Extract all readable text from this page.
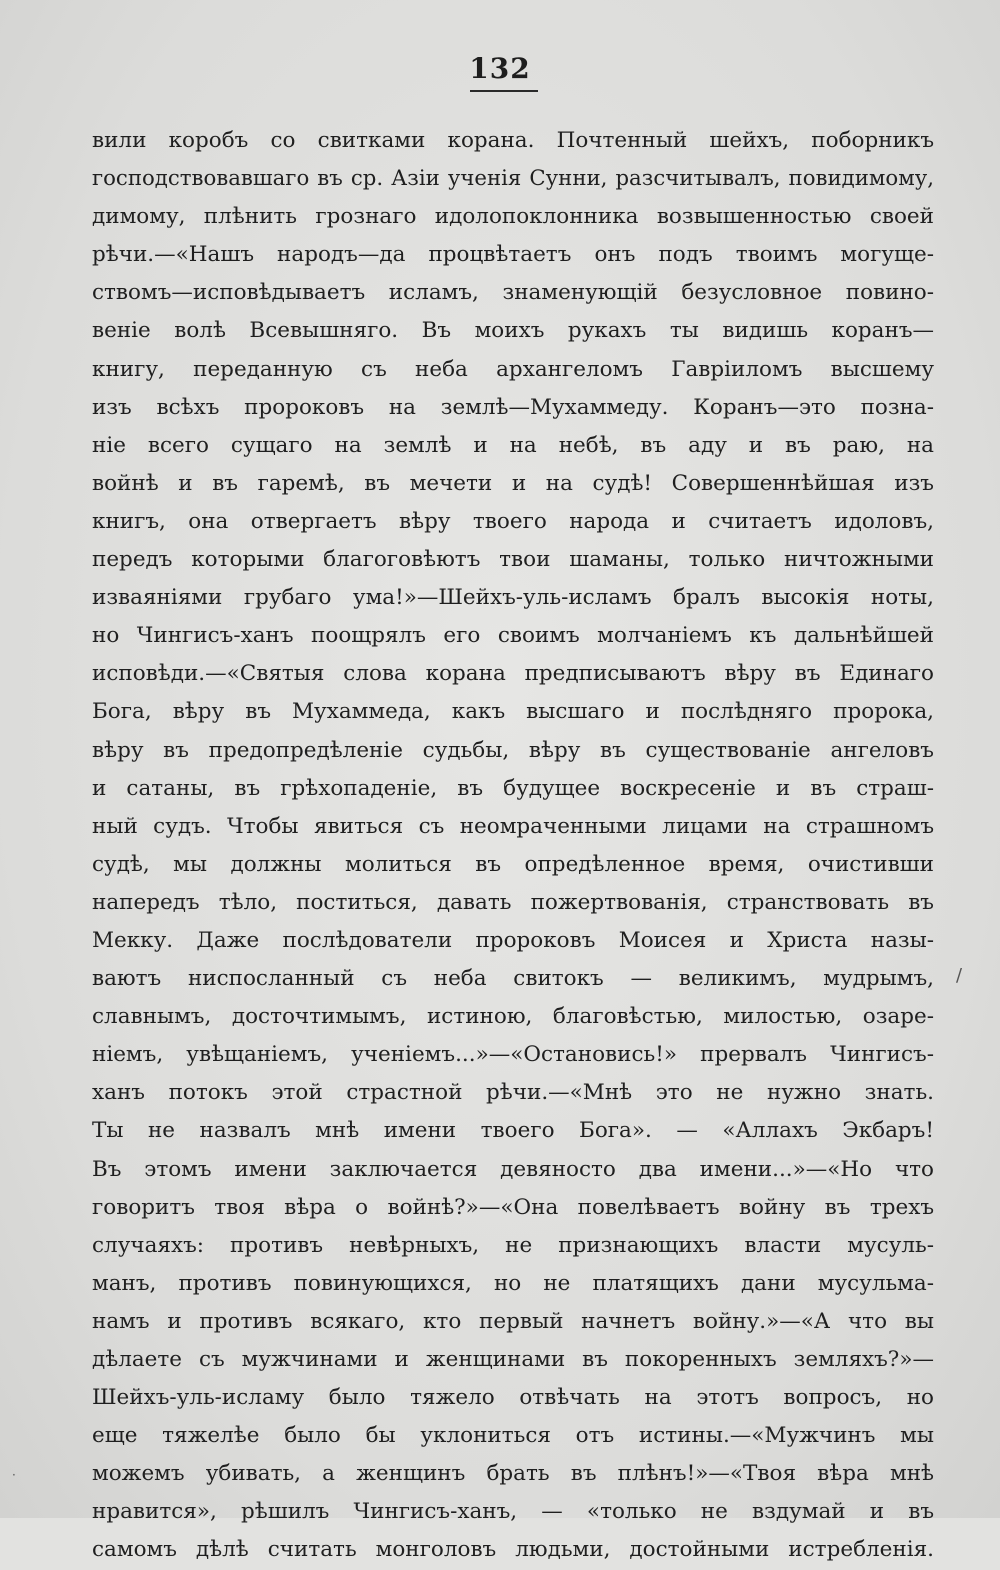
132
вили коробъ со свитками корана. Почтенный шейхъ, поборникъ
господствовавшаго въ ср. Азіи ученія Сунни, разсчитывалъ, повидимому,
димому, плѣнить грознаго идолопоклонника возвышенностью своей
рѣчи.—«Нашъ народъ—да процвѣтаетъ онъ подъ твоимъ могуще-
ствомъ—исповѣдываетъ исламъ, знаменующій безусловное повино-
веніе волѣ Всевышняго. Въ моихъ рукахъ ты видишь коранъ—
книгу, переданную съ неба архангеломъ Гавріиломъ высшему
изъ всѣхъ пророковъ на землѣ—Мухаммеду. Коранъ—это позна-
ніе всего сущаго на землѣ и на небѣ, въ аду и въ раю, на
войнѣ и въ гаремѣ, въ мечети и на судѣ! Совершеннѣйшая изъ
книгъ, она отвергаетъ вѣру твоего народа и считаетъ идоловъ,
передъ которыми благоговѣютъ твои шаманы, только ничтожными
изваяніями грубаго ума!»—Шейхъ-уль-исламъ бралъ высокія ноты,
но Чингисъ-ханъ поощрялъ его своимъ молчаніемъ къ дальнѣйшей
исповѣди.—«Святыя слова корана предписываютъ вѣру въ Единаго
Бога, вѣру въ Мухаммеда, какъ высшаго и послѣдняго пророка,
вѣру въ предопредѣленіе судьбы, вѣру въ существованіе ангеловъ
и сатаны, въ грѣхопаденіе, въ будущее воскресеніе и въ страш-
ный судъ. Чтобы явиться съ неомраченными лицами на страшномъ
судѣ, мы должны молиться въ опредѣленное время, очистивши
напередъ тѣло, поститься, давать пожертвованія, странствовать въ
Мекку. Даже послѣдователи пророковъ Моисея и Христа назы-
ваютъ ниспосланный съ неба свитокъ — великимъ, мудрымъ,
славнымъ, досточтимымъ, истиною, благовѣстью, милостью, озаре-
ніемъ, увѣщаніемъ, ученіемъ...»—«Остановись!» прервалъ Чингисъ-
ханъ потокъ этой страстной рѣчи.—«Мнѣ это не нужно знать.
Ты не назвалъ мнѣ имени твоего Бога». — «Аллахъ Экбаръ!
Въ этомъ имени заключается девяносто два имени...»—«Но что
говоритъ твоя вѣра о войнѣ?»—«Она повелѣваетъ войну въ трехъ
случаяхъ: противъ невѣрныхъ, не признающихъ власти мусуль-
манъ, противъ повинующихся, но не платящихъ дани мусульма-
намъ и противъ всякаго, кто первый начнетъ войну.»—«А что вы
дѣлаете съ мужчинами и женщинами въ покоренныхъ земляхъ?»—
Шейхъ-уль-исламу было тяжело отвѣчать на этотъ вопросъ, но
еще тяжелѣе было бы уклониться отъ истины.—«Мужчинъ мы
можемъ убивать, а женщинъ брать въ плѣнъ!»—«Твоя вѣра мнѣ
нравится», рѣшилъ Чингисъ-ханъ, — «только не вздумай и въ
самомъ дѣлѣ считать монголовъ людьми, достойными истребленія.
/
·
